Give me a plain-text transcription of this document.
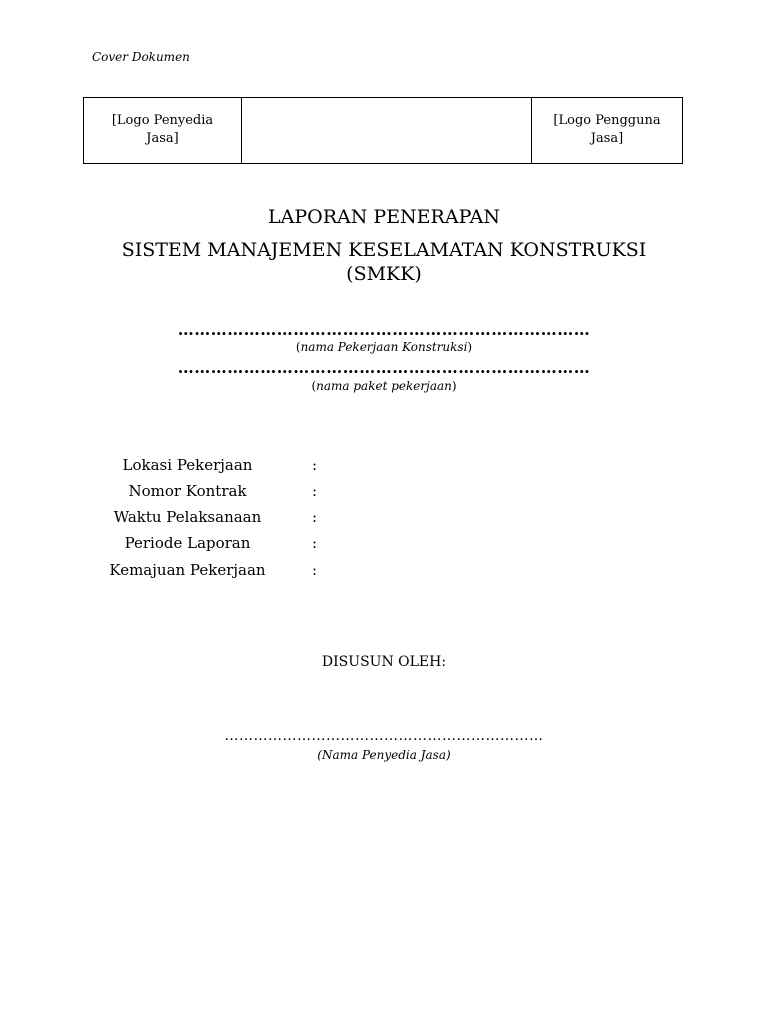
Cover Dokumen
[Logo Penyedia
Jasa]
[Logo Pengguna
Jasa]
LAPORAN PENERAPAN
SISTEM MANAJEMEN KESELAMATAN KONSTRUKSI
(SMKK)
…………………………………………………………………
(nama Pekerjaan Konstruksi)
…………………………………………………………………
(nama paket pekerjaan)
Lokasi Pekerjaan	:
Nomor Kontrak	:
Waktu Pelaksanaan	:
Periode Laporan	:
Kemajuan Pekerjaan	:
DISUSUN OLEH:
…………………………………………………………
(Nama Penyedia Jasa)
